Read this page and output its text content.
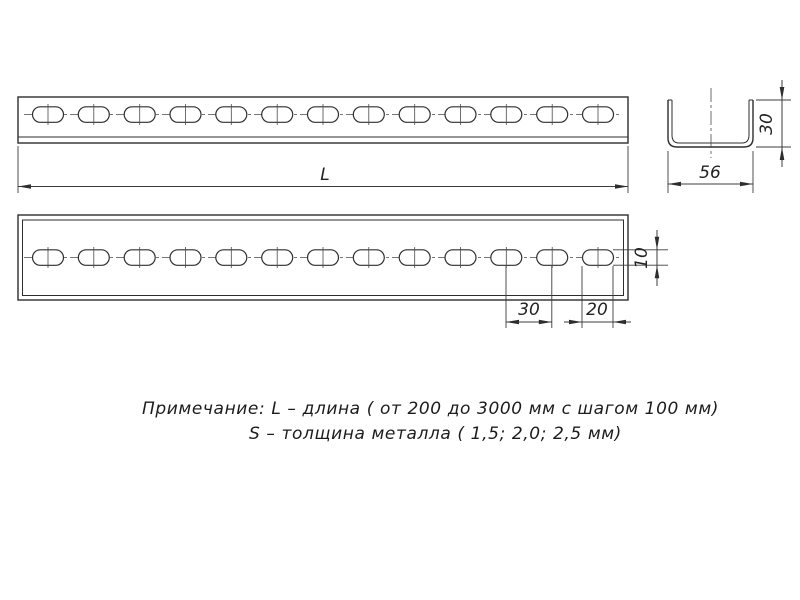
L
30
56
30	20
10
Примечание: L – длина ( от 200 до 3000 мм с шагом 100 мм)
S – толщина металла ( 1,5; 2,0; 2,5 мм)
